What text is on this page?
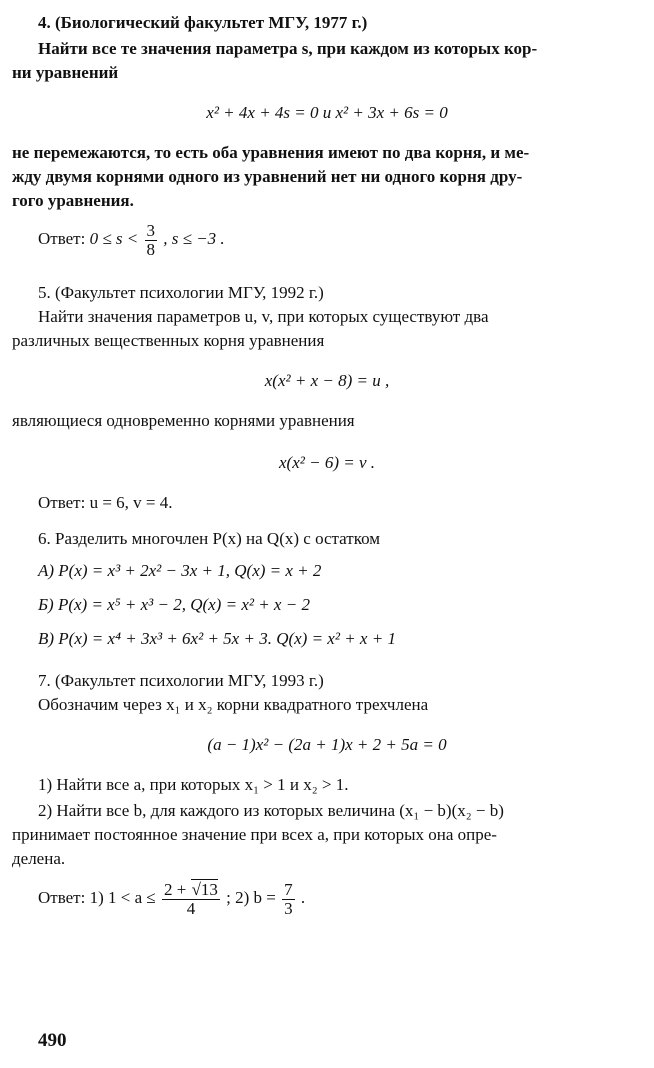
4. (Биологический факультет МГУ, 1977 г.)
Найти все те значения параметра s, при каждом из которых кор-
ни уравнений
x² + 4x + 4s = 0 и x² + 3x + 6s = 0
не перемежаются, то есть оба уравнения имеют по два корня, и ме-
жду двумя корнями одного из уравнений нет ни одного корня дру-
гого уравнения.
Ответ: $0 \le s < \frac{3}{8}$ , s ≤ −3 .
5. (Факультет психологии МГУ, 1992 г.)
Найти значения параметров u, v, при которых существуют два
различных вещественных корня уравнения
x(x² + x − 8) = u ,
являющиеся одновременно корнями уравнения
x(x² − 6) = v .
Ответ: u = 6, v = 4.
6. Разделить многочлен P(x) на Q(x) с остатком
А) P(x) = x³ + 2x² − 3x + 1, Q(x) = x + 2
Б) P(x) = x⁵ + x³ − 2, Q(x) = x² + x − 2
В) P(x) = x⁴ + 3x³ + 6x² + 5x + 3. Q(x) = x² + x + 1
7. (Факультет психологии МГУ, 1993 г.)
Обозначим через x₁ и x₂ корни квадратного трехчлена
(a − 1)x² − (2a + 1)x + 2 + 5a = 0
1) Найти все a, при которых x₁ > 1 и x₂ > 1.
2) Найти все b, для каждого из которых величина (x₁ − b)(x₂ − b)
принимает постоянное значение при всех a, при которых она опре-
делена.
Ответ: 1) $1 < a \le \frac{2 + √13}{4}$ ; 2) $b = \frac{7}{3}$ .
490
